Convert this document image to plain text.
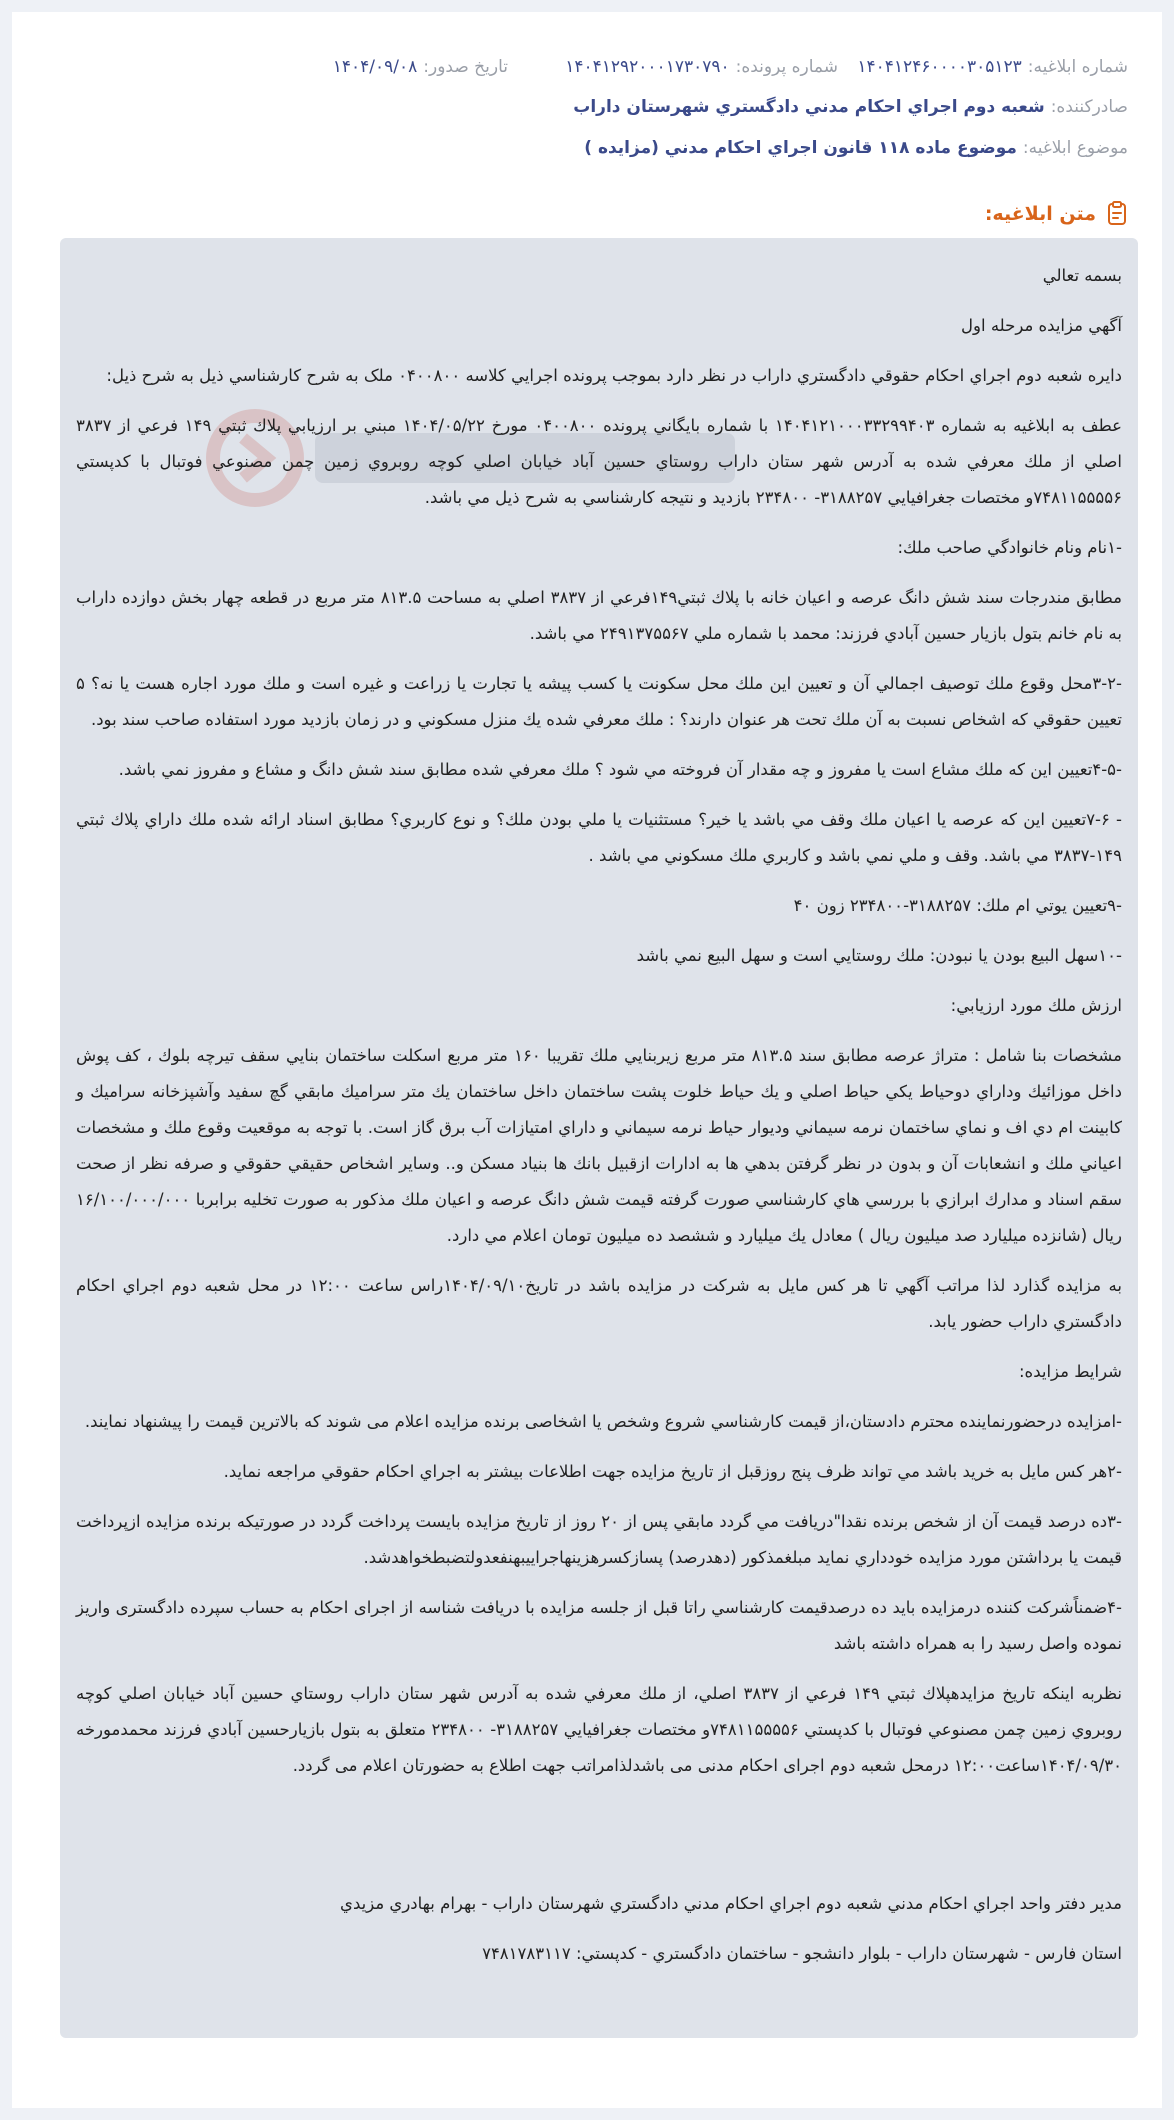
شماره ابلاغيه:
۱۴۰۴۱۲۴۶۰۰۰۰۳۰۵۱۲۳
شماره پرونده:
۱۴۰۴۱۲۹۲۰۰۰۱۷۳۰۷۹۰
تاريخ صدور:
۱۴۰۴/۰۹/۰۸
صادرکننده:
شعبه دوم اجراي احكام مدني دادگستري شهرستان داراب
موضوع ابلاغيه:
موضوع ماده ۱۱۸ قانون اجراي احکام مدني (مزايده )
متن ابلاغيه:

بسمه تعالي

آگهي مزايده مرحله اول

دايره شعبه دوم اجراي احكام حقوقي دادگستري داراب در نظر دارد بموجب پرونده اجرايي كلاسه ۰۴۰۰۸۰۰ ملک به شرح كارشناسي ذيل به شرح ذيل:

عطف به ابلاغيه به شماره ۱۴۰۴۱۲۱۰۰۰۳۳۲۹۹۴۰۳ با شماره بايگاني پرونده ۰۴۰۰۸۰۰ مورخ ۱۴۰۴/۰۵/۲۲ مبني بر ارزيابي پلاك ثبتي ۱۴۹ فرعي از ۳۸۳۷ اصلي از ملك معرفي شده به آدرس شهر ستان داراب روستاي حسين آباد خيابان اصلي كوچه روبروي زمين چمن مصنوعي فوتبال با كدپستي ۷۴۸۱۱۵۵۵۵۶و مختصات جغرافيايي ۳۱۸۸۲۵۷- ۲۳۴۸۰۰ بازديد و نتيجه كارشناسي به شرح ذيل مي باشد.

-۱نام ونام خانوادگي صاحب ملك:

مطابق مندرجات سند شش دانگ عرصه و اعيان خانه با پلاك ثبتي۱۴۹فرعي از ۳۸۳۷ اصلي به مساحت ۸۱۳.۵ متر مربع در قطعه چهار بخش دوازده داراب به نام خانم بتول بازيار حسين آبادي فرزند: محمد با شماره ملي ۲۴۹۱۳۷۵۵۶۷ مي باشد.

-۳-۲محل وقوع ملك توصيف اجمالي آن و تعيين اين ملك محل سكونت يا كسب پيشه يا تجارت يا زراعت و غيره است و ملك مورد اجاره هست يا نه؟ ۵ تعيين حقوقي كه اشخاص نسبت به آن ملك تحت هر عنوان دارند؟ : ملك معرفي شده يك منزل مسكوني و در زمان بازديد مورد استفاده صاحب سند بود.

-۴-۵تعيين اين كه ملك مشاع است يا مفروز و چه مقدار آن فروخته مي شود ؟ ملك معرفي شده مطابق سند شش دانگ و مشاع و مفروز نمي باشد.

- ۷-۶تعيين اين كه عرصه يا اعيان ملك وقف مي باشد يا خير؟ مستثنيات يا ملي بودن ملك؟ و نوع كاربري؟ مطابق اسناد ارائه شده ملك داراي پلاك ثبتي ۱۴۹-۳۸۳۷ مي باشد. وقف و ملي نمي باشد و كاربري ملك مسكوني مي باشد .

-۹تعيين يوتي ام ملك: ۳۱۸۸۲۵۷-۲۳۴۸۰۰ زون ۴۰

-۱۰سهل البيع بودن يا نبودن: ملك روستايي است و سهل البيع نمي باشد

ارزش ملك مورد ارزيابي:

مشخصات بنا شامل : متراژ عرصه مطابق سند ۸۱۳.۵ متر مربع زيربنايي ملك تقريبا ۱۶۰ متر مربع اسكلت ساختمان بنايي سقف تيرچه بلوك ، كف پوش داخل موزائيك وداراي دوحياط يكي حياط اصلي و يك حياط خلوت پشت ساختمان داخل ساختمان يك متر سراميك مابقي گچ سفيد وآشپزخانه سراميك و كابينت ام دي اف و نماي ساختمان نرمه سيماني وديوار حياط نرمه سيماني و داراي امتيازات آب برق گاز است. با توجه به موقعيت وقوع ملك و مشخصات اعياني ملك و انشعابات آن و بدون در نظر گرفتن بدهي ها به ادارات ازقبيل بانك ها بنياد مسكن و.. وساير اشخاص حقيقي حقوقي و صرفه نظر از صحت سقم اسناد و مدارك ابرازي با بررسي هاي كارشناسي صورت گرفته قيمت شش دانگ عرصه و اعيان ملك مذكور به صورت تخليه برابربا ۱۶/۱۰۰/۰۰۰/۰۰۰ ريال (شانزده ميليارد صد ميليون ريال ) معادل يك ميليارد و ششصد ده ميليون تومان اعلام مي دارد.

به مزايده گذارد لذا مراتب آگهي تا هر كس مايل به شركت در مزايده باشد در تاريخ۱۴۰۴/۰۹/۱۰راس ساعت ۱۲:۰۰ در محل شعبه دوم اجراي احكام دادگستري داراب حضور يابد.

شرايط مزايده:

-امزايده درحضورنماينده محترم دادستان،از قيمت كارشناسي شروع وشخص يا اشخاصى برنده مزايده اعلام مى شوند كه بالاترين قيمت را پيشنهاد نمايند.

-۲هر كس مايل به خريد باشد مي تواند ظرف پنج روزقبل از تاريخ مزايده جهت اطلاعات بيشتر به اجراي احكام حقوقي مراجعه نمايد.

-۳ده درصد قيمت آن از شخص برنده نقدا"دريافت مي گردد مابقي پس از ۲۰ روز از تاريخ مزايده بايست پرداخت گردد در صورتيكه برنده مزايده ازپرداخت قيمت يا برداشتن مورد مزايده خودداري نمايد مبلغمذكور (دهدرصد) پسازكسرهزينهاجراييبهنفعدولتضبطخواهدشد.

-۴ضمناًشركت كننده درمزايده بايد ده درصدقيمت كارشناسي راتا قبل از جلسه مزايده با دريافت شناسه از اجراى احكام به حساب سپرده دادگسترى واريز نموده واصل رسيد را به همراه داشته باشد

نظربه اينكه تاريخ مزايدهپلاك ثبتي ۱۴۹ فرعي از ۳۸۳۷ اصلي، از ملك معرفي شده به آدرس شهر ستان داراب روستاي حسين آباد خيابان اصلي كوچه روبروي زمين چمن مصنوعي فوتبال با كدپستي ۷۴۸۱۱۵۵۵۵۶و مختصات جغرافيايي ۳۱۸۸۲۵۷- ۲۳۴۸۰۰ متعلق به بتول بازيارحسين آبادي فرزند محمدمورخه ۱۴۰۴/۰۹/۳۰ساعت۱۲:۰۰ درمحل شعبه دوم اجراى احكام مدنى مى باشدلذامراتب جهت اطلاع به حضورتان اعلام مى گردد.

مدير دفتر واحد اجراي احكام مدني شعبه دوم اجراي احكام مدني دادگستري شهرستان داراب - بهرام بهادري مزيدي

استان فارس - شهرستان داراب - بلوار دانشجو - ساختمان دادگستري - کدپستي: ۷۴۸۱۷۸۳۱۱۷
